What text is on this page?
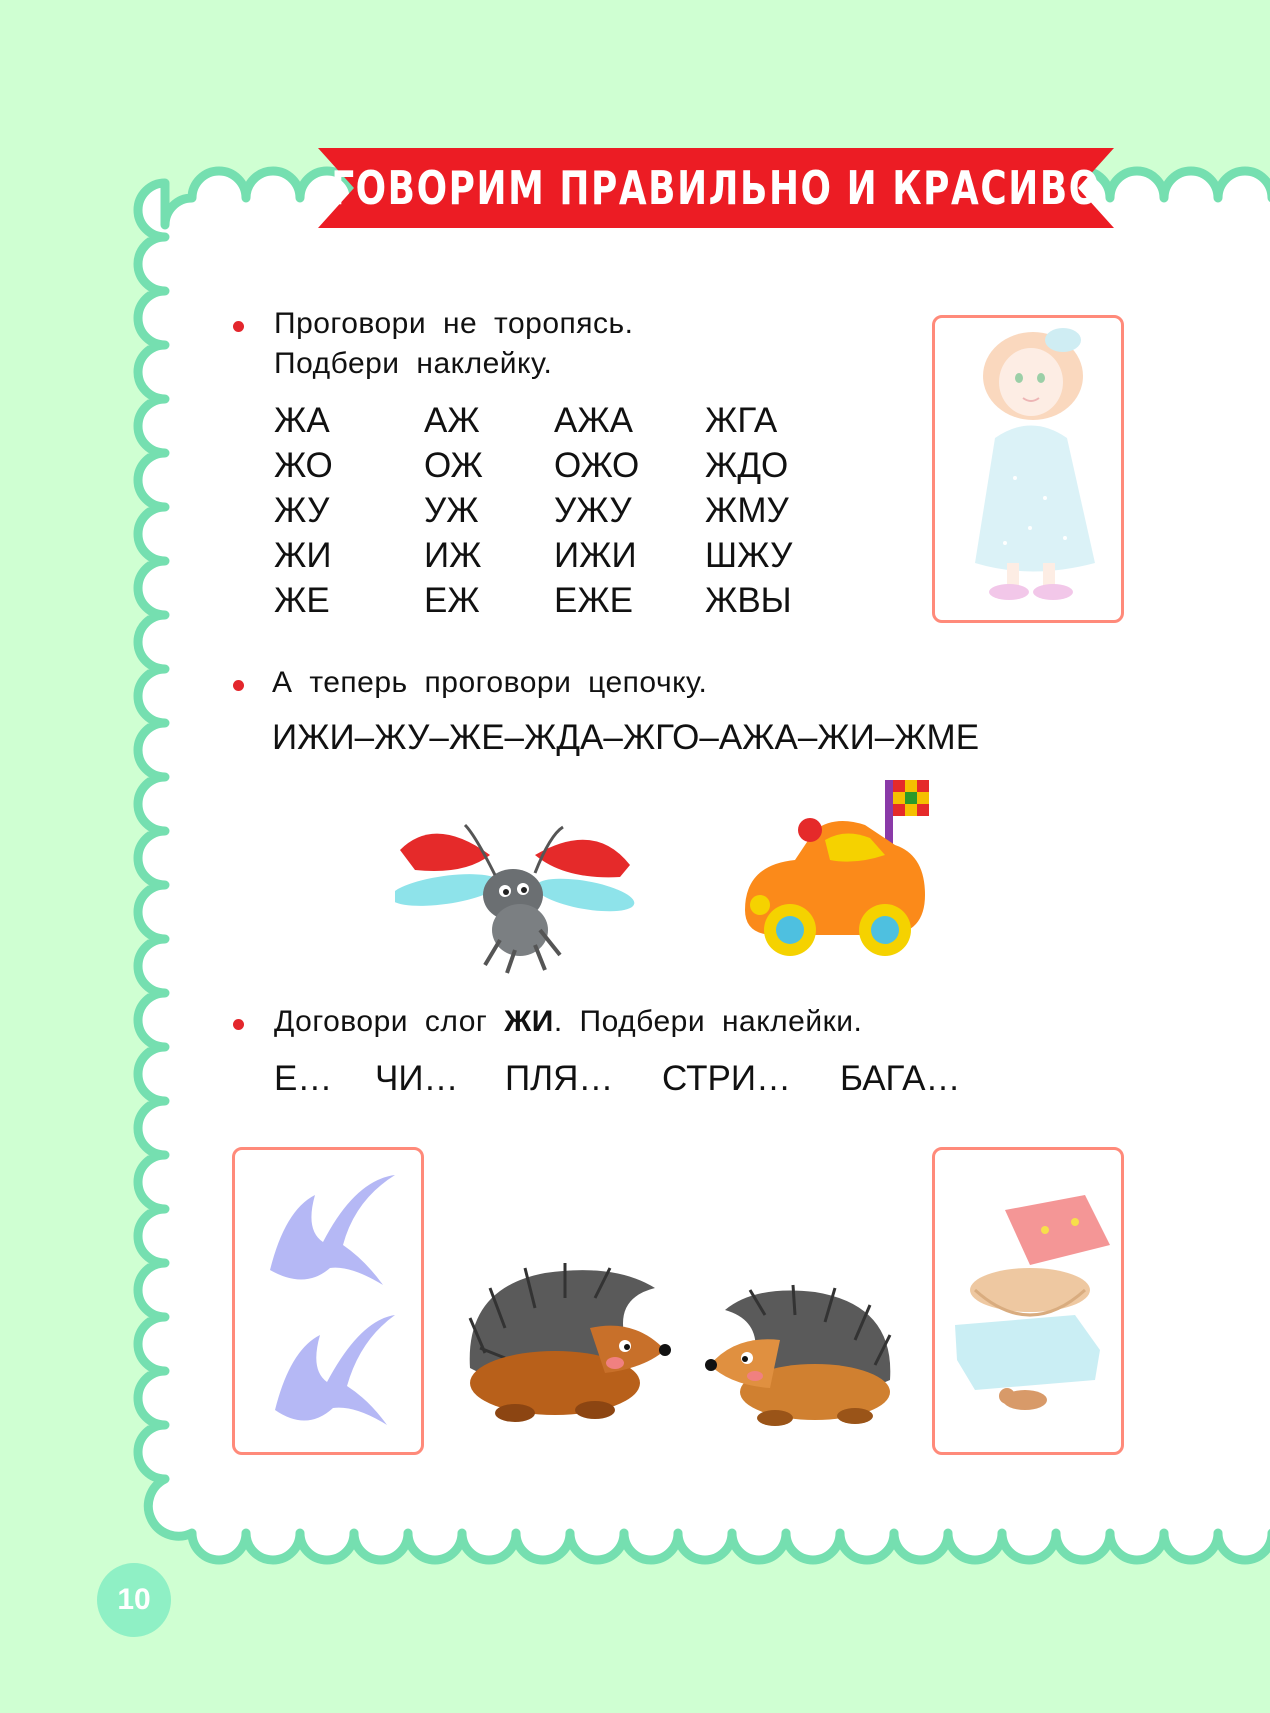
ГОВОРИМ ПРАВИЛЬНО И КРАСИВО
Проговори не торопясь.
Подбери наклейку.
ЖА
ЖО
ЖУ
ЖИ
ЖЕ
АЖ
ОЖ
УЖ
ИЖ
ЕЖ
АЖА
ОЖО
УЖУ
ИЖИ
ЕЖЕ
ЖГА
ЖДО
ЖМУ
ШЖУ
ЖВЫ
А теперь проговори цепочку.
ИЖИ–ЖУ–ЖЕ–ЖДА–ЖГО–АЖА–ЖИ–ЖМЕ
Договори слог ЖИ. Подбери наклейки.
Е… ЧИ… ПЛЯ… СТРИ… БАГА…
10
